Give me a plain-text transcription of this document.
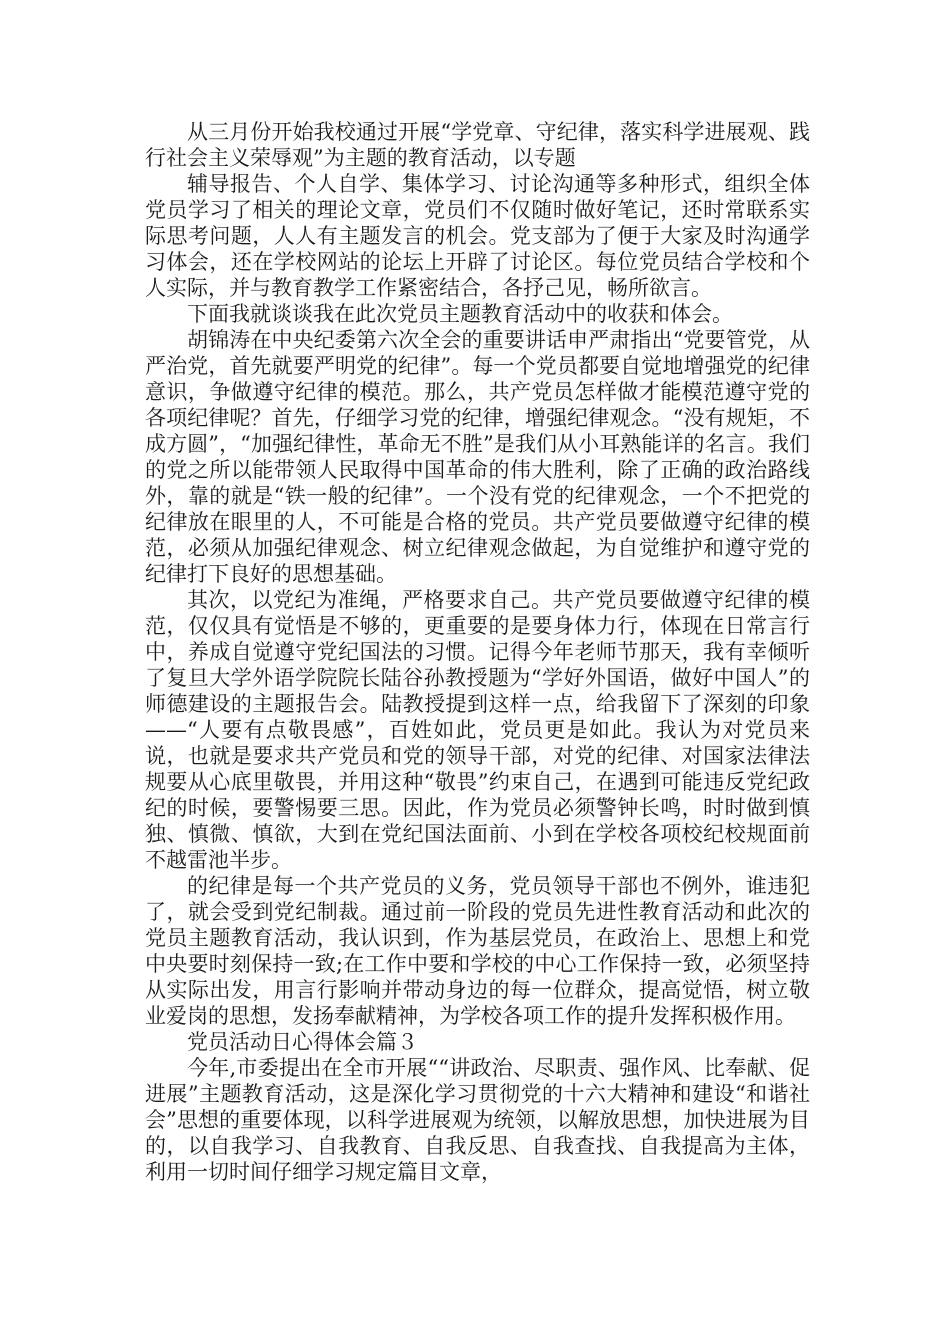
从三月份开始我校通过开展“学党章、守纪律，落实科学进展观、践行社会主义荣辱观”为主题的教育活动，以专题

辅导报告、个人自学、集体学习、讨论沟通等多种形式，组织全体党员学习了相关的理论文章，党员们不仅随时做好笔记，还时常联系实际思考问题，人人有主题发言的机会。党支部为了便于大家及时沟通学习体会，还在学校网站的论坛上开辟了讨论区。每位党员结合学校和个人实际，并与教育教学工作紧密结合，各抒己见，畅所欲言。

下面我就谈谈我在此次党员主题教育活动中的收获和体会。

胡锦涛在中央纪委第六次全会的重要讲话申严肃指出“党要管党，从严治党，首先就要严明党的纪律”。每一个党员都要自觉地增强党的纪律意识，争做遵守纪律的模范。那么，共产党员怎样做才能模范遵守党的各项纪律呢？首先，仔细学习党的纪律，增强纪律观念。“没有规矩，不成方圆”，“加强纪律性，革命无不胜”是我们从小耳熟能详的名言。我们的党之所以能带领人民取得中国革命的伟大胜利，除了正确的政治路线外，靠的就是“铁一般的纪律”。一个没有党的纪律观念，一个不把党的纪律放在眼里的人，不可能是合格的党员。共产党员要做遵守纪律的模范，必须从加强纪律观念、树立纪律观念做起，为自觉维护和遵守党的纪律打下良好的思想基础。

其次，以党纪为准绳，严格要求自己。共产党员要做遵守纪律的模范，仅仅具有觉悟是不够的，更重要的是要身体力行，体现在日常言行中，养成自觉遵守党纪国法的习惯。记得今年老师节那天，我有幸倾听了复旦大学外语学院院长陆谷孙教授题为“学好外国语，做好中国人”的师德建设的主题报告会。陆教授提到这样一点，给我留下了深刻的印象——“人要有点敬畏感”，百姓如此，党员更是如此。我认为对党员来说，也就是要求共产党员和党的领导干部，对党的纪律、对国家法律法规要从心底里敬畏，并用这种“敬畏”约束自己，在遇到可能违反党纪政纪的时候，要警惕要三思。因此，作为党员必须警钟长鸣，时时做到慎独、慎微、慎欲，大到在党纪国法面前、小到在学校各项校纪校规面前不越雷池半步。

的纪律是每一个共产党员的义务，党员领导干部也不例外，谁违犯了，就会受到党纪制裁。通过前一阶段的党员先进性教育活动和此次的党员主题教育活动，我认识到，作为基层党员，在政治上、思想上和党中央要时刻保持一致;在工作中要和学校的中心工作保持一致，必须坚持从实际出发，用言行影响并带动身边的每一位群众，提高觉悟，树立敬业爱岗的思想，发扬奉献精神，为学校各项工作的提升发挥积极作用。

党员活动日心得体会篇３

今年,市委提出在全市开展““讲政治、尽职责、强作风、比奉献、促进展”主题教育活动，这是深化学习贯彻党的十六大精神和建设“和谐社会”思想的重要体现，以科学进展观为统领，以解放思想，加快进展为目的，以自我学习、自我教育、自我反思、自我查找、自我提高为主体，利用一切时间仔细学习规定篇目文章，
